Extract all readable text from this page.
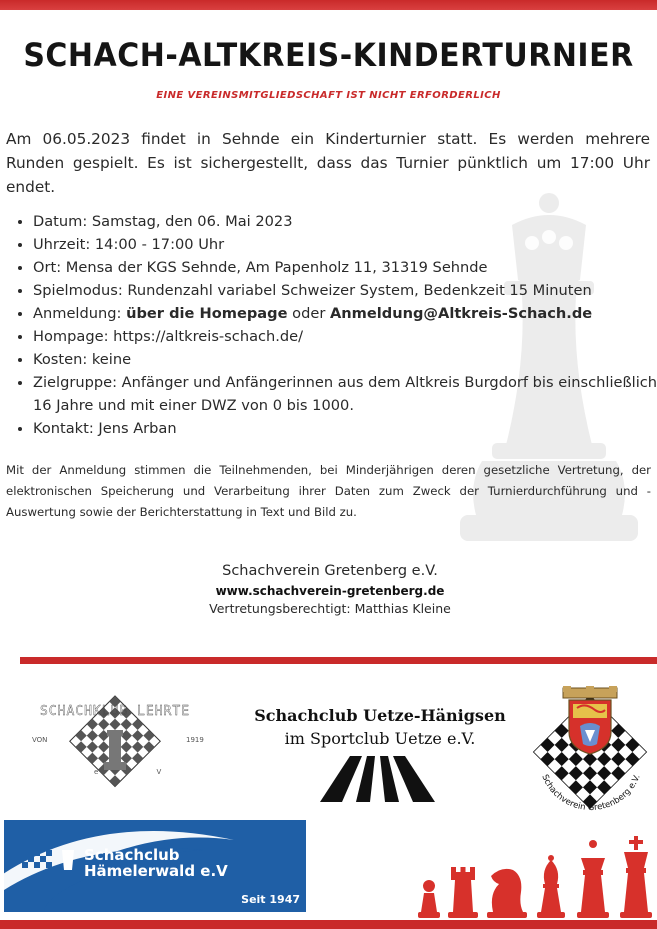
SCHACH-ALTKREIS-KINDERTURNIER
EINE VEREINSMITGLIEDSCHAFT IST NICHT ERFORDERLICH
Am 06.05.2023 findet in Sehnde ein Kinderturnier statt. Es werden mehrere Runden gespielt. Es ist sichergestellt, dass das Turnier pünktlich um 17:00 Uhr endet.
• Datum: Samstag, den 06. Mai 2023
• Uhrzeit: 14:00 - 17:00 Uhr
• Ort: Mensa der KGS Sehnde, Am Papenholz 11, 31319 Sehnde
• Spielmodus: Rundenzahl variabel Schweizer System, Bedenkzeit 15 Minuten
• Anmeldung: über die Homepage oder Anmeldung@Altkreis-Schach.de
• Hompage: https://altkreis-schach.de/
• Kosten: keine
• Zielgruppe: Anfänger und Anfängerinnen aus dem Altkreis Burgdorf bis einschließlich 16 Jahre und mit einer DWZ von 0 bis 1000.
• Kontakt: Jens Arban
Mit der Anmeldung stimmen die Teilnehmenden, bei Minderjährigen deren gesetzliche Vertretung, der elektronischen Speicherung und Verarbeitung ihrer Daten zum Zweck der Turnierdurchführung und -Auswertung sowie der Berichterstattung in Text und Bild zu.
Schachverein Gretenberg e.V.
www.schachverein-gretenberg.de
Vertretungsberechtigt: Matthias Kleine
SCHACHKLUB LEHRTE
VON	1919
e.V
Schachclub Uetze-Hänigsen
im Sportclub Uetze e.V.
Schachverein Gretenberg e.V.
Schachclub
Hämelerwald e.V
Seit 1947
